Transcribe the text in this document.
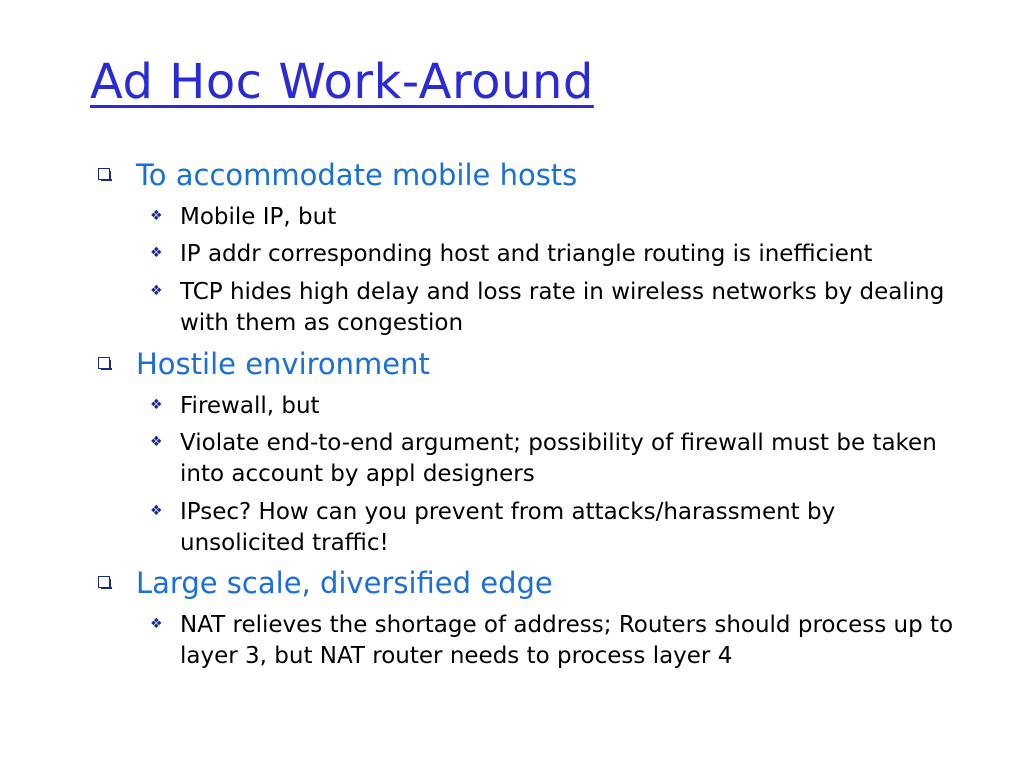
Ad Hoc Work-Around
To accommodate mobile hosts
❖ Mobile IP, but
❖ IP addr corresponding host and triangle routing is inefficient
❖ TCP hides high delay and loss rate in wireless networks by dealing with them as congestion
Hostile environment
❖ Firewall, but
❖ Violate end-to-end argument; possibility of firewall must be taken into account by appl designers
❖ IPsec? How can you prevent from attacks/harassment by unsolicited traffic!
Large scale, diversified edge
❖ NAT relieves the shortage of address; Routers should process up to layer 3, but NAT router needs to process layer 4
